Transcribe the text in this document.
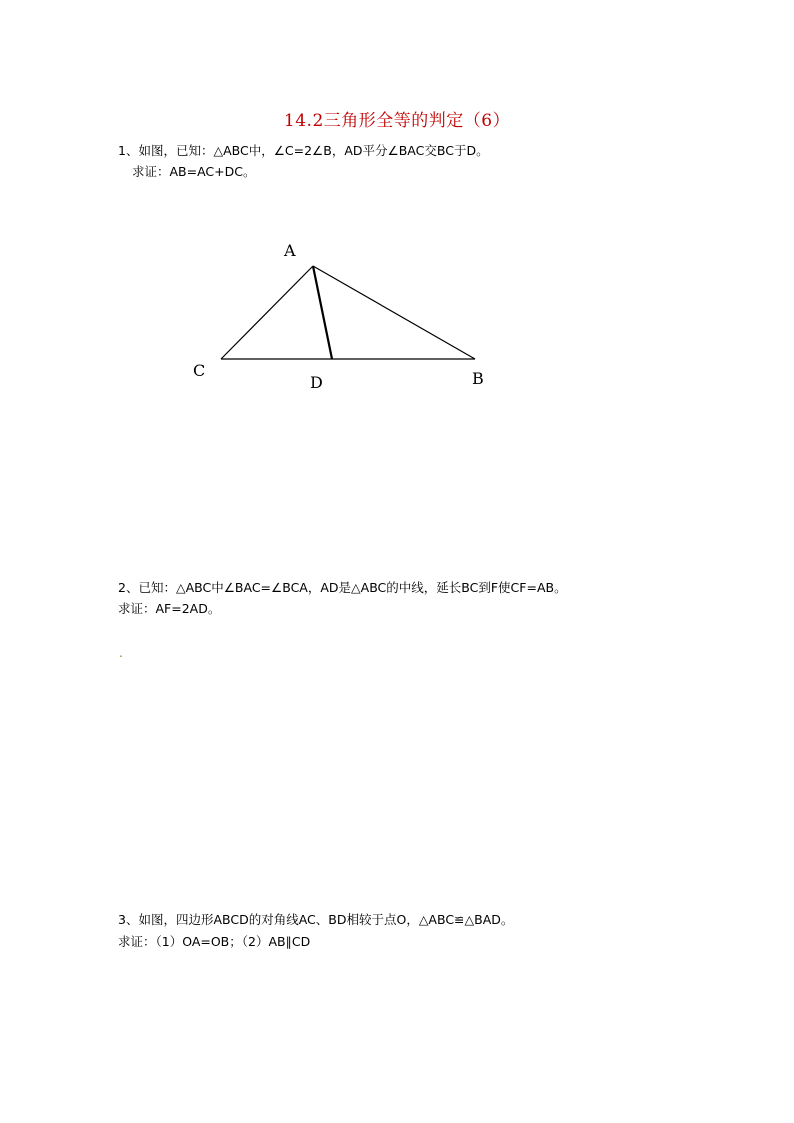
14.2三角形全等的判定（6）
1、如图，已知：△ABC中，∠C=2∠B，AD平分∠BAC交BC于D。
求证：AB=AC+DC。
A
C
D	B
2、已知：△ABC中∠BAC=∠BCA，AD是△ABC的中线，延长BC到F使CF=AB。
求证：AF=2AD。
.
3、如图，四边形ABCD的对角线AC、BD相较于点O，△ABC≌△BAD。
求证：（1）OA=OB；（2）AB∥CD
